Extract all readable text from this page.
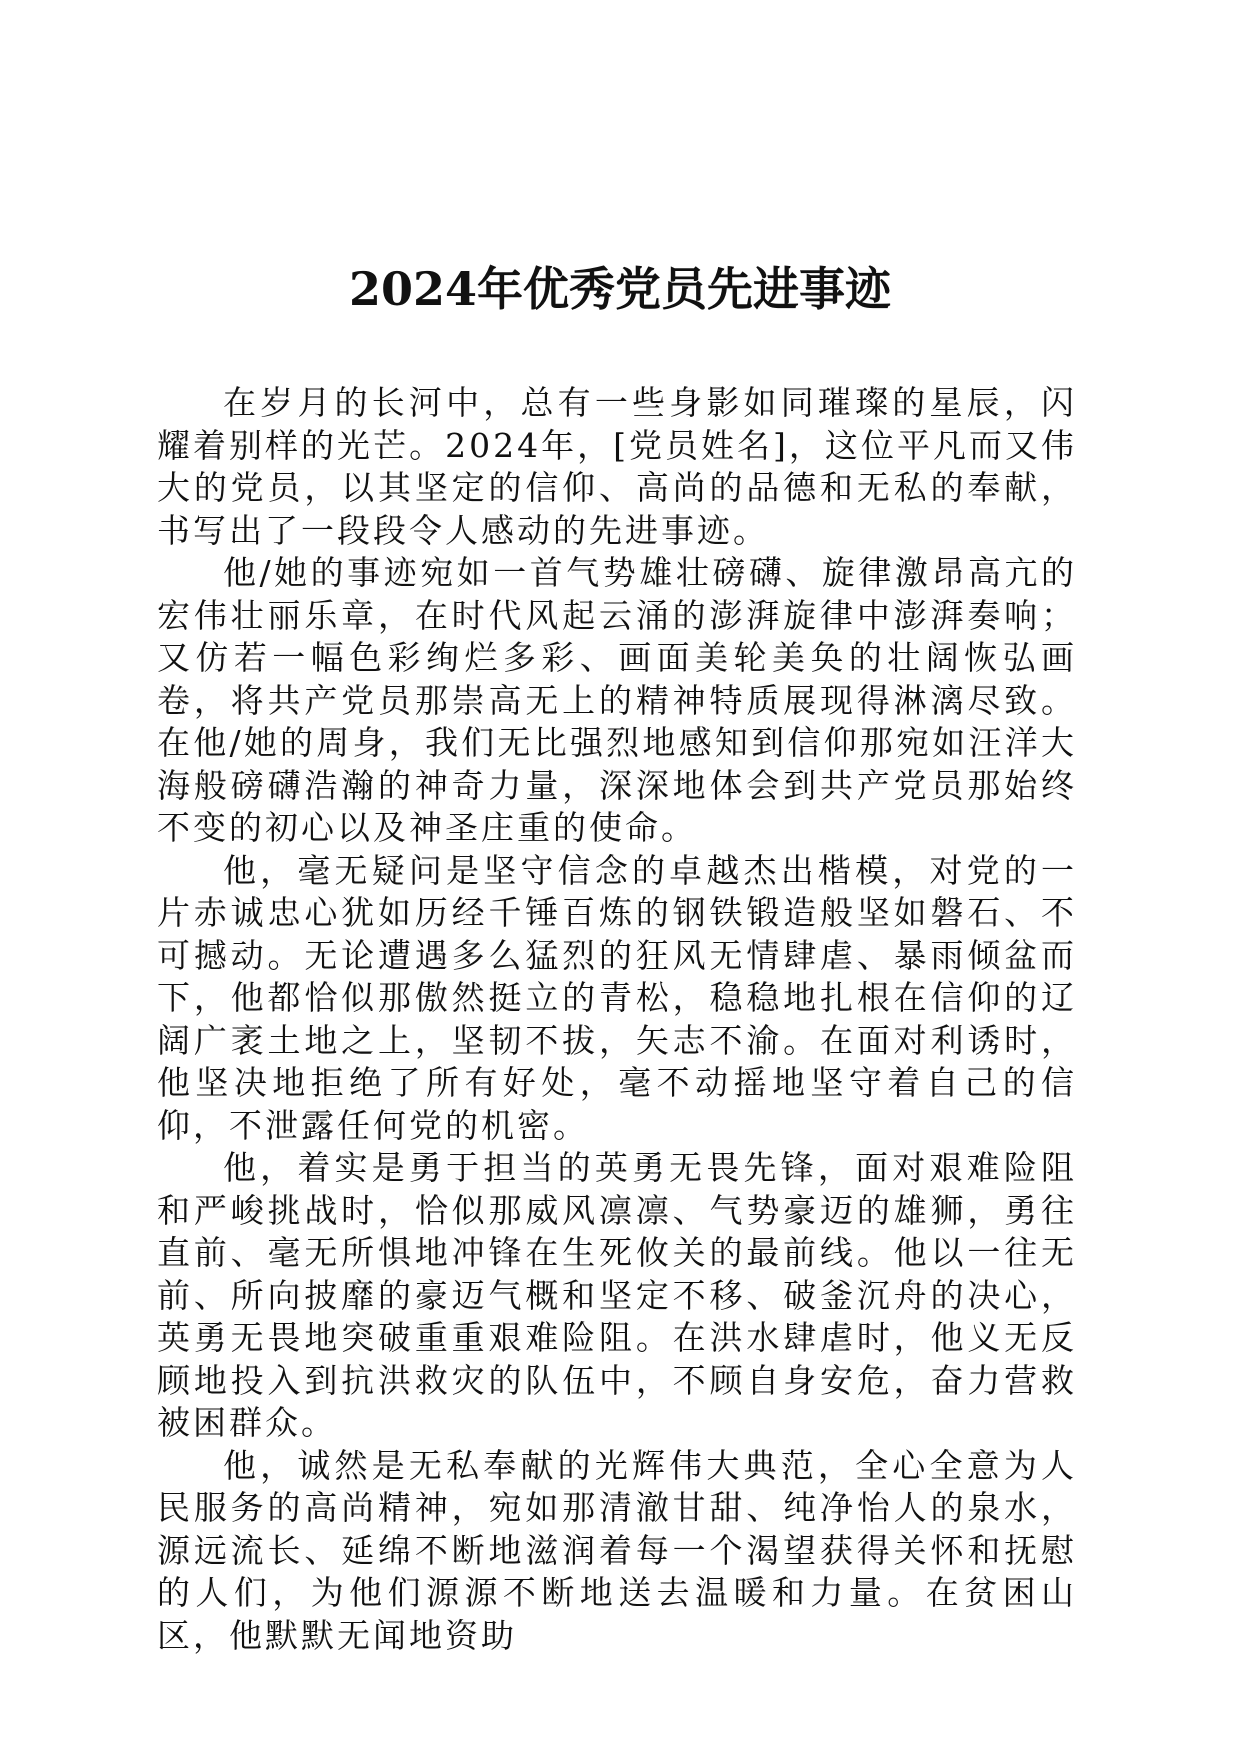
2024年优秀党员先进事迹

在岁月的长河中，总有一些身影如同璀璨的星辰，闪耀着别样的光芒。2024年，[党员姓名]，这位平凡而又伟大的党员，以其坚定的信仰、高尚的品德和无私的奉献，书写出了一段段令人感动的先进事迹。

他/她的事迹宛如一首气势雄壮磅礴、旋律激昂高亢的宏伟壮丽乐章，在时代风起云涌的澎湃旋律中澎湃奏响；又仿若一幅色彩绚烂多彩、画面美轮美奂的壮阔恢弘画卷，将共产党员那崇高无上的精神特质展现得淋漓尽致。在他/她的周身，我们无比强烈地感知到信仰那宛如汪洋大海般磅礴浩瀚的神奇力量，深深地体会到共产党员那始终不变的初心以及神圣庄重的使命。

他，毫无疑问是坚守信念的卓越杰出楷模，对党的一片赤诚忠心犹如历经千锤百炼的钢铁锻造般坚如磐石、不可撼动。无论遭遇多么猛烈的狂风无情肆虐、暴雨倾盆而下，他都恰似那傲然挺立的青松，稳稳地扎根在信仰的辽阔广袤土地之上，坚韧不拔，矢志不渝。在面对利诱时，他坚决地拒绝了所有好处，毫不动摇地坚守着自己的信仰，不泄露任何党的机密。

他，着实是勇于担当的英勇无畏先锋，面对艰难险阻和严峻挑战时，恰似那威风凛凛、气势豪迈的雄狮，勇往直前、毫无所惧地冲锋在生死攸关的最前线。他以一往无前、所向披靡的豪迈气概和坚定不移、破釜沉舟的决心，英勇无畏地突破重重艰难险阻。在洪水肆虐时，他义无反顾地投入到抗洪救灾的队伍中，不顾自身安危，奋力营救被困群众。

他，诚然是无私奉献的光辉伟大典范，全心全意为人民服务的高尚精神，宛如那清澈甘甜、纯净怡人的泉水，源远流长、延绵不断地滋润着每一个渴望获得关怀和抚慰的人们，为他们源源不断地送去温暖和力量。在贫困山区，他默默无闻地资助
